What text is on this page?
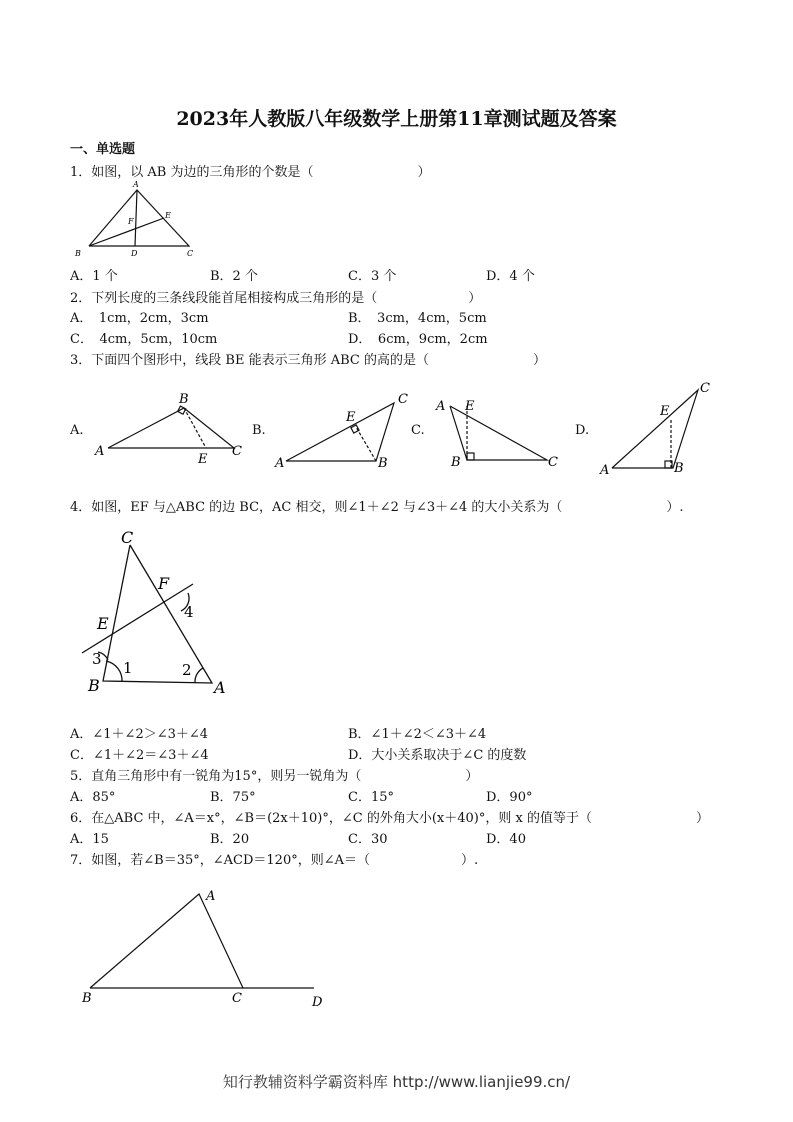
2023年人教版八年级数学上册第11章测试题及答案
一、单选题
1．如图，以 AB 为边的三角形的个数是（　　　　　　　　）
A
B	C
D
E
F
A．1 个	B．2 个	C．3 个	D．4 个
2．下列长度的三条线段能首尾相接构成三角形的是（　　　　　　　）
A．　1cm，2cm，3cm	B．　3cm，4cm，5cm
C．　4cm，5cm，10cm	D．　6cm，9cm，2cm
3．下面四个图形中，线段 BE 能表示三角形 ABC 的高的是（　　　　　　　　）
A.	B.	C.	D.
A
B
C
E	A	B
C
E
A E
B	C
A	B
C
E
4．如图，EF 与△ABC 的边 BC，AC 相交，则∠1＋∠2 与∠3＋∠4 的大小关系为（　　　　　　　　）.
C
F
E
B	A
1	2
3
4
A．∠1＋∠2＞∠3＋∠4	B．∠1＋∠2＜∠3＋∠4
C．∠1＋∠2＝∠3＋∠4	D．大小关系取决于∠C 的度数
5．直角三角形中有一锐角为15°，则另一锐角为（　　　　　　　　）
A．85°	B．75°	C．15°	D．90°
6．在△ABC 中，∠A＝x°，∠B＝(2x＋10)°，∠C 的外角大小(x＋40)°，则 x 的值等于（　　　　　　　　）
A．15	B．20	C．30	D．40
7．如图，若∠B＝35°，∠ACD＝120°，则∠A＝（　　　　　　　）.
A
B	C	D
知行教辅资料学霸资料库 http://www.lianjie99.cn/
